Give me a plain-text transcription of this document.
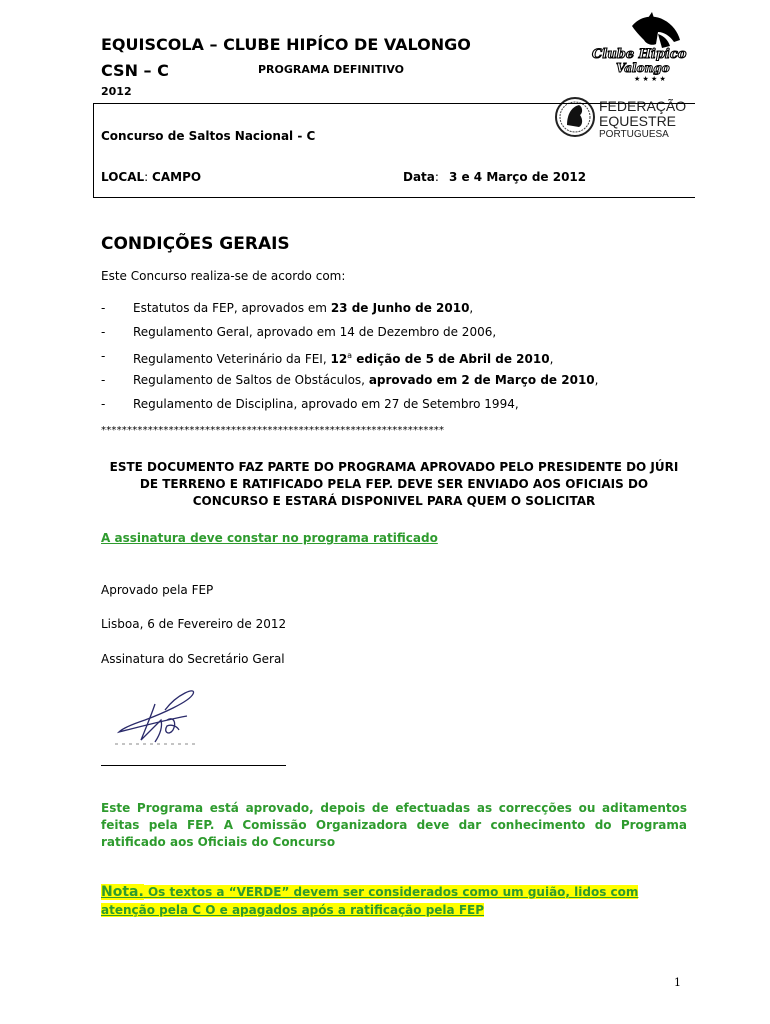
EQUISCOLA – CLUBE HIPÍCO DE VALONGO
CSN – C	PROGRAMA DEFINITIVO
2012
Clube Hipico
Valongo
★ ★ ★ ★
FEDERAÇÃO
EQUESTRE
PORTUGUESA
Concurso de Saltos Nacional - C
LOCAL: CAMPO	Data: 3 e 4 Março de 2012
CONDIÇÕES GERAIS
Este Concurso realiza-se de acordo com:
- Estatutos da FEP, aprovados em 23 de Junho de 2010,
- Regulamento Geral, aprovado em 14 de Dezembro de 2006,
- Regulamento Veterinário da FEI, 12$^a$ edição de 5 de Abril de 2010,
- Regulamento de Saltos de Obstáculos, aprovado em 2 de Março de 2010,
- Regulamento de Disciplina, aprovado em 27 de Setembro 1994,
******************************************************************
ESTE DOCUMENTO FAZ PARTE DO PROGRAMA APROVADO PELO PRESIDENTE DO JÚRI DE TERRENO E RATIFICADO PELA FEP. DEVE SER ENVIADO AOS OFICIAIS DO CONCURSO E ESTARÁ DISPONIVEL PARA QUEM O SOLICITAR
A assinatura deve constar no programa ratificado
Aprovado pela FEP
Lisboa, 6 de Fevereiro de 2012
Assinatura do Secretário Geral
Este Programa está aprovado, depois de efectuadas as correcções ou aditamentos feitas pela FEP. A Comissão Organizadora deve dar conhecimento do Programa ratificado aos Oficiais do Concurso
Nota. Os textos a “VERDE” devem ser considerados como um guião, lidos com atenção pela C O e apagados após a ratificação pela FEP
1
